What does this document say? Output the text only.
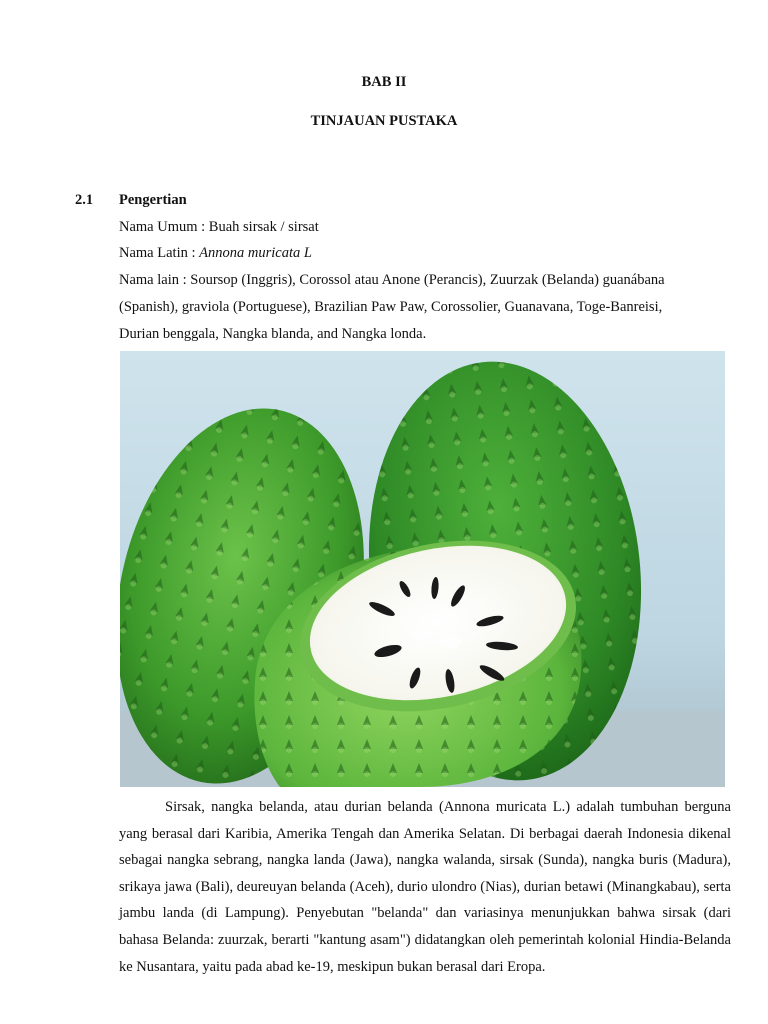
BAB II
TINJAUAN PUSTAKA
2.1 Pengertian
Nama Umum : Buah sirsak / sirsat
Nama Latin : Annona muricata L
Nama lain : Soursop (Inggris), Corossol atau Anone (Perancis), Zuurzak (Belanda) guanábana
(Spanish), graviola (Portuguese), Brazilian Paw Paw, Corossolier, Guanavana, Toge-Banreisi,
Durian benggala, Nangka blanda, and Nangka londa.

Sirsak, nangka belanda, atau durian belanda (Annona muricata L.) adalah tumbuhan berguna yang berasal dari Karibia, Amerika Tengah dan Amerika Selatan. Di berbagai daerah Indonesia dikenal sebagai nangka sebrang, nangka landa (Jawa), nangka walanda, sirsak (Sunda), nangka buris (Madura), srikaya jawa (Bali), deureuyan belanda (Aceh), durio ulondro (Nias), durian betawi (Minangkabau), serta jambu landa (di Lampung). Penyebutan "belanda" dan variasinya menunjukkan bahwa sirsak (dari bahasa Belanda: zuurzak, berarti "kantung asam") didatangkan oleh pemerintah kolonial Hindia-Belanda ke Nusantara, yaitu pada abad ke-19, meskipun bukan berasal dari Eropa.
